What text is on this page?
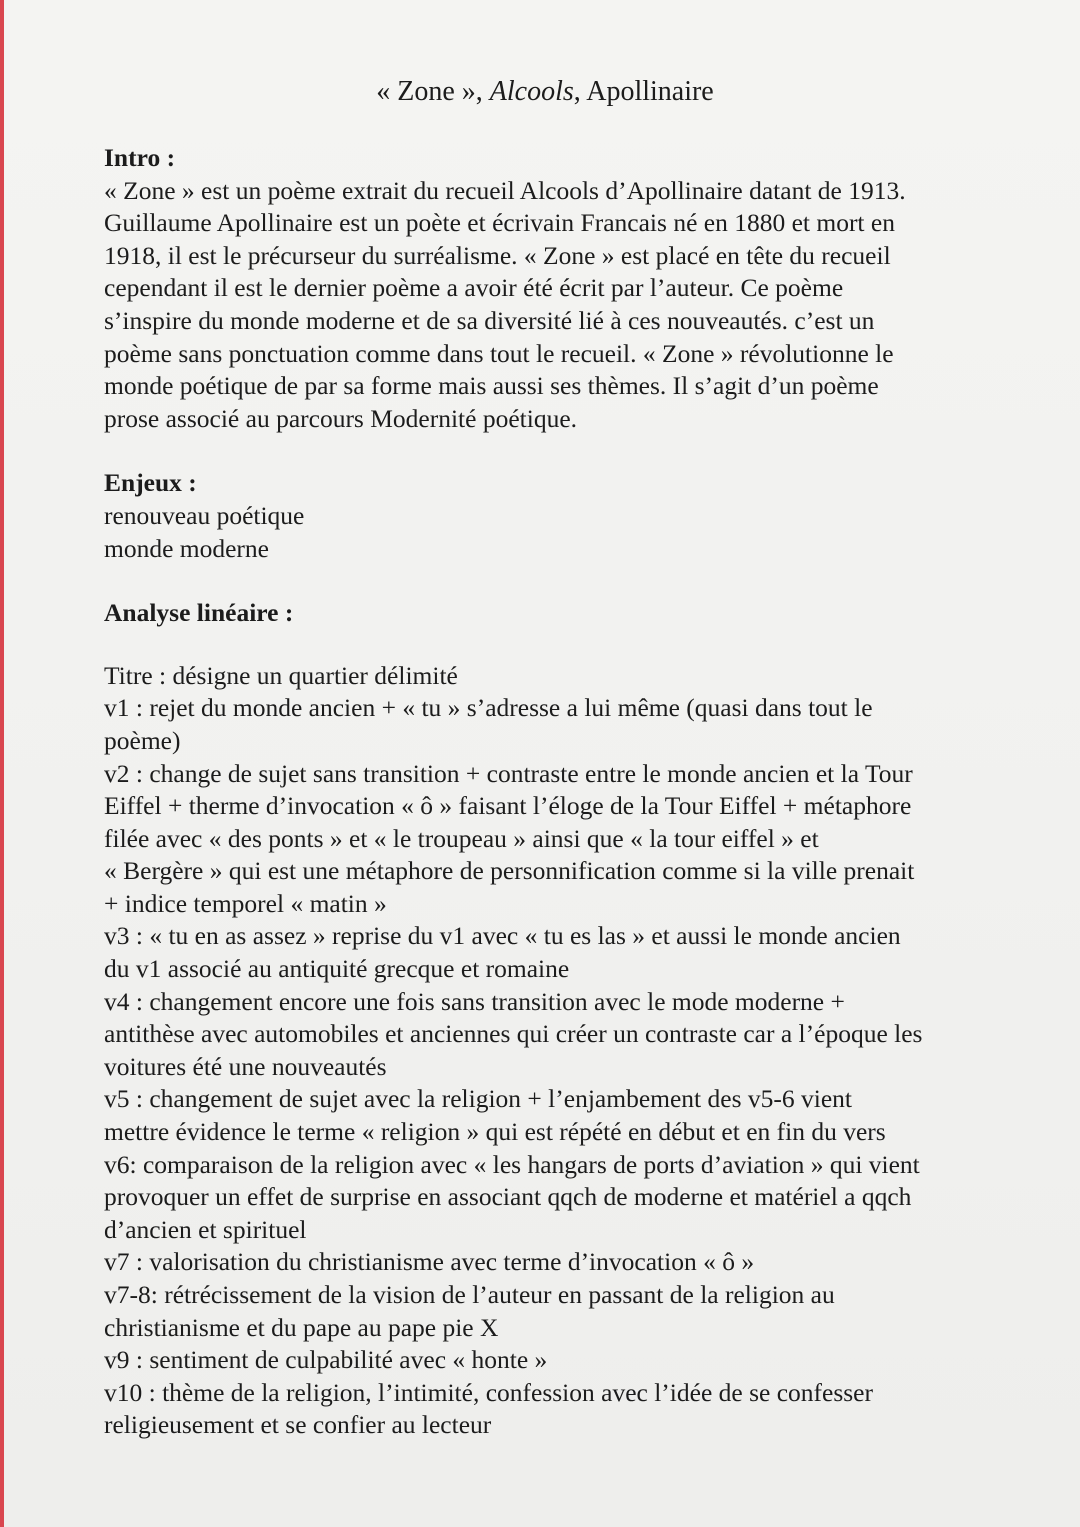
« Zone », Alcools, Apollinaire

Intro :

« Zone » est un poème extrait du recueil Alcools d’Apollinaire datant de 1913.
Guillaume Apollinaire est un poète et écrivain Francais né en 1880 et mort en
1918, il est le précurseur du surréalisme. « Zone » est placé en tête du recueil
cependant il est le dernier poème a avoir été écrit par l’auteur. Ce poème
s’inspire du monde moderne et de sa diversité lié à ces nouveautés. c’est un
poème sans ponctuation comme dans tout le recueil. « Zone » révolutionne le
monde poétique de par sa forme mais aussi ses thèmes. Il s’agit d’un poème
prose associé au parcours Modernité poétique.

Enjeux :

renouveau poétique
monde moderne

Analyse linéaire :

Titre : désigne un quartier délimité
v1 : rejet du monde ancien + « tu » s’adresse a lui même (quasi dans tout le
poème)
v2 : change de sujet sans transition + contraste entre le monde ancien et la Tour
Eiffel + therme d’invocation « ô » faisant l’éloge de la Tour Eiffel + métaphore
filée avec « des ponts » et « le troupeau » ainsi que « la tour eiffel » et
« Bergère » qui est une métaphore de personnification comme si la ville prenait
+ indice temporel « matin »
v3 : « tu en as assez » reprise du v1 avec « tu es las » et aussi le monde ancien
du v1 associé au antiquité grecque et romaine
v4 : changement encore une fois sans transition avec le mode moderne +
antithèse avec automobiles et anciennes qui créer un contraste car a l’époque les
voitures été une nouveautés
v5 : changement de sujet avec la religion + l’enjambement des v5-6 vient
mettre évidence le terme « religion » qui est répété en début et en fin du vers
v6: comparaison de la religion avec « les hangars de ports d’aviation » qui vient
provoquer un effet de surprise en associant qqch de moderne et matériel a qqch
d’ancien et spirituel
v7 : valorisation du christianisme avec terme d’invocation « ô »
v7-8: rétrécissement de la vision de l’auteur en passant de la religion au
christianisme et du pape au pape pie X
v9 : sentiment de culpabilité avec « honte »
v10 : thème de la religion, l’intimité, confession avec l’idée de se confesser
religieusement et se confier au lecteur
